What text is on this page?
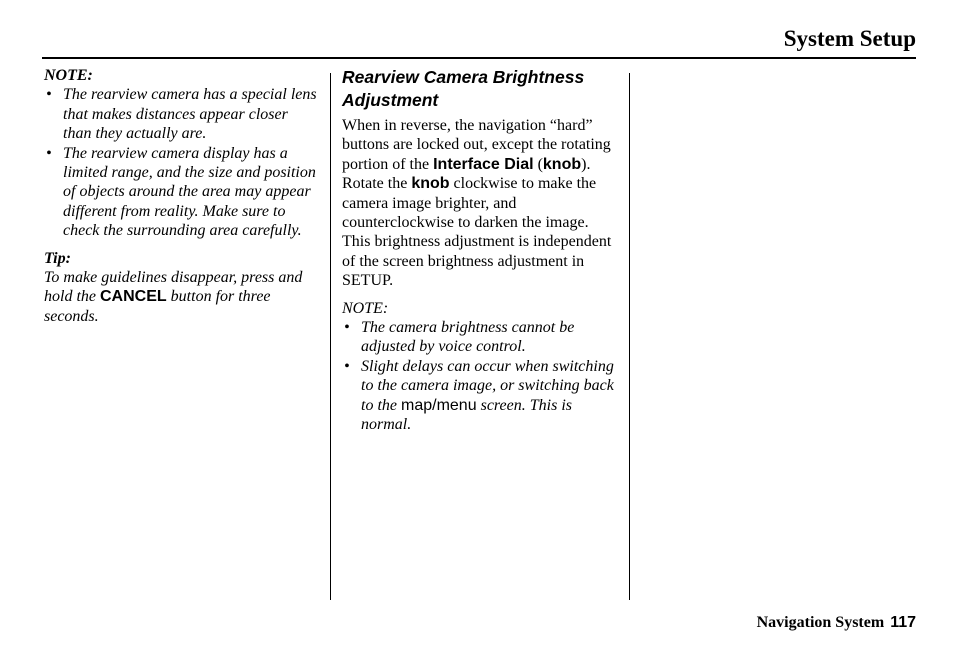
System Setup
NOTE:
• The rearview camera has a special lens that makes distances appear closer than they actually are.
• The rearview camera display has a limited range, and the size and position of objects around the area may appear different from reality. Make sure to check the surrounding area carefully.
Tip:
To make guidelines disappear, press and hold the CANCEL button for three seconds.
Rearview Camera Brightness
Adjustment
When in reverse, the navigation “hard” buttons are locked out, except the rotating portion of the Interface Dial (knob). Rotate the knob clockwise to make the camera image brighter, and counterclockwise to darken the image. This brightness adjustment is independent of the screen brightness adjustment in SETUP.
NOTE:
• The camera brightness cannot be adjusted by voice control.
• Slight delays can occur when switching to the camera image, or switching back to the map/menu screen. This is normal.
Navigation System 117
